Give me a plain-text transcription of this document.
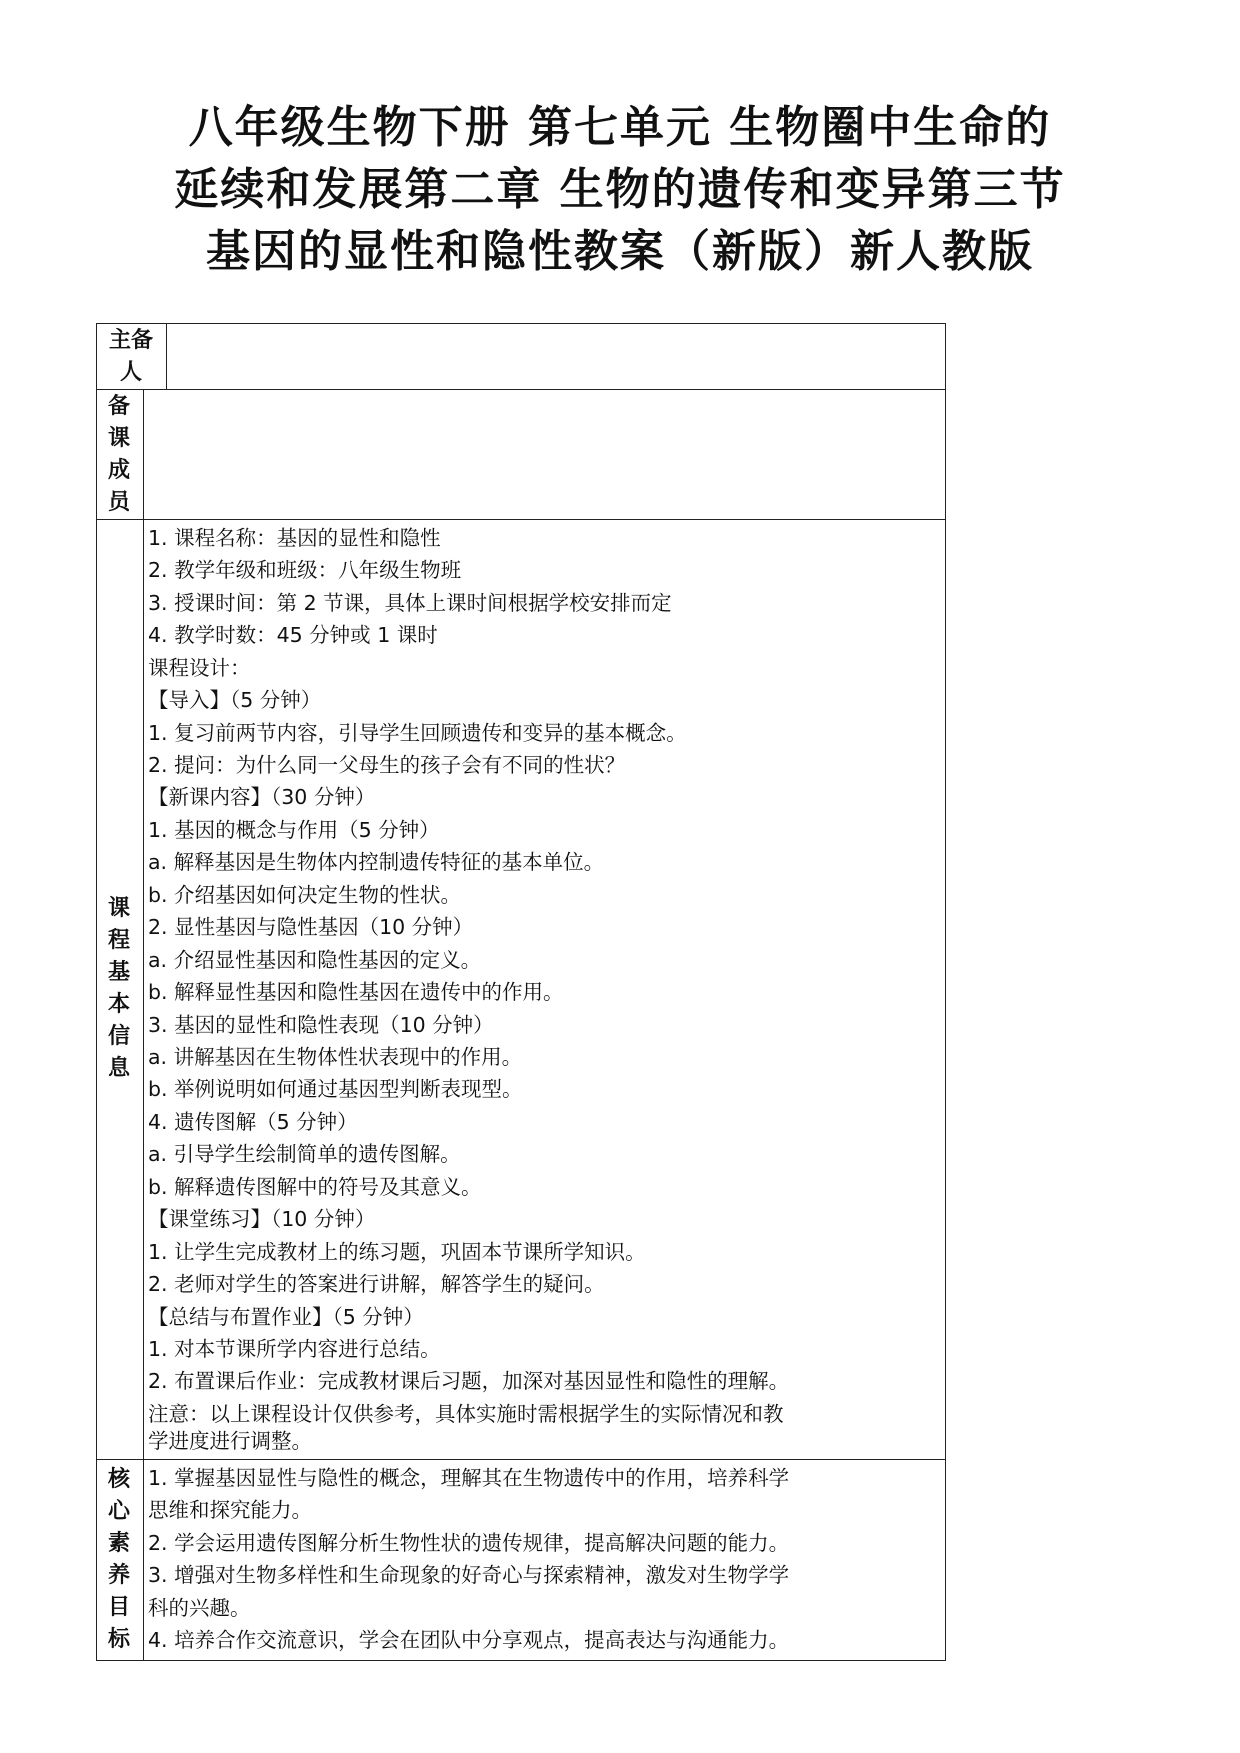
八年级生物下册 第七单元 生物圈中生命的
延续和发展第二章 生物的遗传和变异第三节
基因的显性和隐性教案（新版）新人教版
主备
人
备
课
成
员
课
程
基
本
信
息
1. 课程名称：基因的显性和隐性
2. 教学年级和班级：八年级生物班
3. 授课时间：第 2 节课，具体上课时间根据学校安排而定
4. 教学时数：45 分钟或 1 课时
课程设计：
【导入】（5 分钟）
1. 复习前两节内容，引导学生回顾遗传和变异的基本概念。
2. 提问：为什么同一父母生的孩子会有不同的性状？
【新课内容】（30 分钟）
1. 基因的概念与作用（5 分钟）
a. 解释基因是生物体内控制遗传特征的基本单位。
b. 介绍基因如何决定生物的性状。
2. 显性基因与隐性基因（10 分钟）
a. 介绍显性基因和隐性基因的定义。
b. 解释显性基因和隐性基因在遗传中的作用。
3. 基因的显性和隐性表现（10 分钟）
a. 讲解基因在生物体性状表现中的作用。
b. 举例说明如何通过基因型判断表现型。
4. 遗传图解（5 分钟）
a. 引导学生绘制简单的遗传图解。
b. 解释遗传图解中的符号及其意义。
【课堂练习】（10 分钟）
1. 让学生完成教材上的练习题，巩固本节课所学知识。
2. 老师对学生的答案进行讲解，解答学生的疑问。
【总结与布置作业】（5 分钟）
1. 对本节课所学内容进行总结。
2. 布置课后作业：完成教材课后习题，加深对基因显性和隐性的理解。
注意：以上课程设计仅供参考，具体实施时需根据学生的实际情况和教
学进度进行调整。
核
心
素
养
目
标
1. 掌握基因显性与隐性的概念，理解其在生物遗传中的作用，培养科学
思维和探究能力。
2. 学会运用遗传图解分析生物性状的遗传规律，提高解决问题的能力。
3. 增强对生物多样性和生命现象的好奇心与探索精神，激发对生物学学
科的兴趣。
4. 培养合作交流意识，学会在团队中分享观点，提高表达与沟通能力。
